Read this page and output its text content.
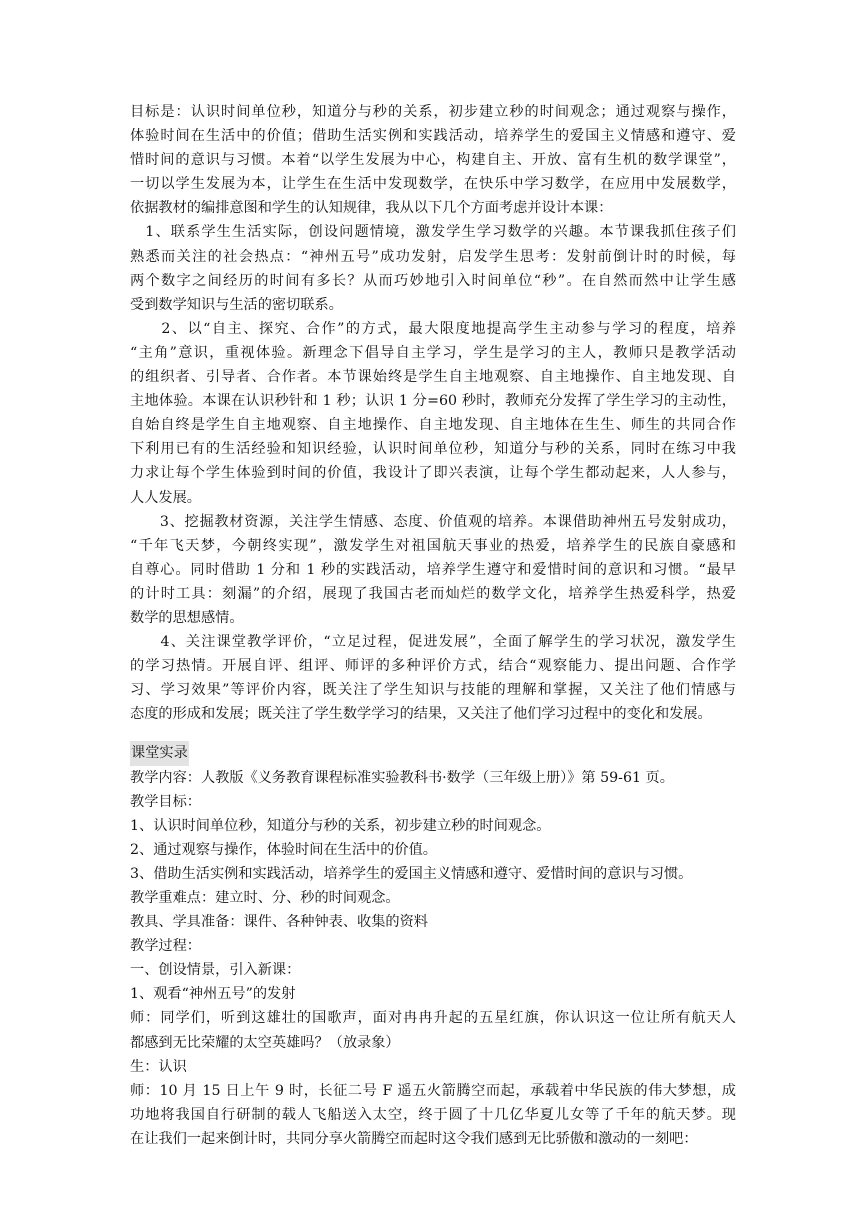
目标是：认识时间单位秒，知道分与秒的关系，初步建立秒的时间观念；通过观察与操作，
体验时间在生活中的价值；借助生活实例和实践活动，培养学生的爱国主义情感和遵守、爱
惜时间的意识与习惯。本着“以学生发展为中心，构建自主、开放、富有生机的数学课堂”，
一切以学生发展为本，让学生在生活中发现数学，在快乐中学习数学，在应用中发展数学，
依据教材的编排意图和学生的认知规律，我从以下几个方面考虑并设计本课：
　1、联系学生生活实际，创设问题情境，激发学生学习数学的兴趣。本节课我抓住孩子们
熟悉而关注的社会热点：“神州五号”成功发射，启发学生思考：发射前倒计时的时候，每
两个数字之间经历的时间有多长？从而巧妙地引入时间单位“秒”。在自然而然中让学生感
受到数学知识与生活的密切联系。
　　2、以“自主、探究、合作”的方式，最大限度地提高学生主动参与学习的程度，培养
“主角”意识，重视体验。新理念下倡导自主学习，学生是学习的主人，教师只是教学活动
的组织者、引导者、合作者。本节课始终是学生自主地观察、自主地操作、自主地发现、自
主地体验。本课在认识秒针和 1 秒；认识 1 分=60 秒时，教师充分发挥了学生学习的主动性，
自始自终是学生自主地观察、自主地操作、自主地发现、自主地体在生生、师生的共同合作
下利用已有的生活经验和知识经验，认识时间单位秒，知道分与秒的关系，同时在练习中我
力求让每个学生体验到时间的价值，我设计了即兴表演，让每个学生都动起来，人人参与，
人人发展。
　　3、挖掘教材资源，关注学生情感、态度、价值观的培养。本课借助神州五号发射成功，
“千年飞天梦，今朝终实现”，激发学生对祖国航天事业的热爱，培养学生的民族自豪感和
自尊心。同时借助 1 分和 1 秒的实践活动，培养学生遵守和爱惜时间的意识和习惯。“最早
的计时工具：刻漏”的介绍，展现了我国古老而灿烂的数学文化，培养学生热爱科学，热爱
数学的思想感情。
　　4、关注课堂教学评价，“立足过程，促进发展”，全面了解学生的学习状况，激发学生
的学习热情。开展自评、组评、师评的多种评价方式，结合“观察能力、提出问题、合作学
习、学习效果”等评价内容，既关注了学生知识与技能的理解和掌握，又关注了他们情感与
态度的形成和发展；既关注了学生数学学习的结果，又关注了他们学习过程中的变化和发展。
课堂实录
教学内容：人教版《义务教育课程标准实验教科书·数学（三年级上册）》第 59-61 页。
教学目标：
1、认识时间单位秒，知道分与秒的关系，初步建立秒的时间观念。
2、通过观察与操作，体验时间在生活中的价值。
3、借助生活实例和实践活动，培养学生的爱国主义情感和遵守、爱惜时间的意识与习惯。
教学重难点：建立时、分、秒的时间观念。
教具、学具准备：课件、各种钟表、收集的资料
教学过程：
一、创设情景，引入新课：
1、观看“神州五号”的发射
师：同学们，听到这雄壮的国歌声，面对冉冉升起的五星红旗，你认识这一位让所有航天人
都感到无比荣耀的太空英雄吗？（放录象）
生：认识
师：10 月 15 日上午 9 时，长征二号 F 遥五火箭腾空而起，承载着中华民族的伟大梦想，成
功地将我国自行研制的载人飞船送入太空，终于圆了十几亿华夏儿女等了千年的航天梦。现
在让我们一起来倒计时，共同分享火箭腾空而起时这令我们感到无比骄傲和激动的一刻吧：
